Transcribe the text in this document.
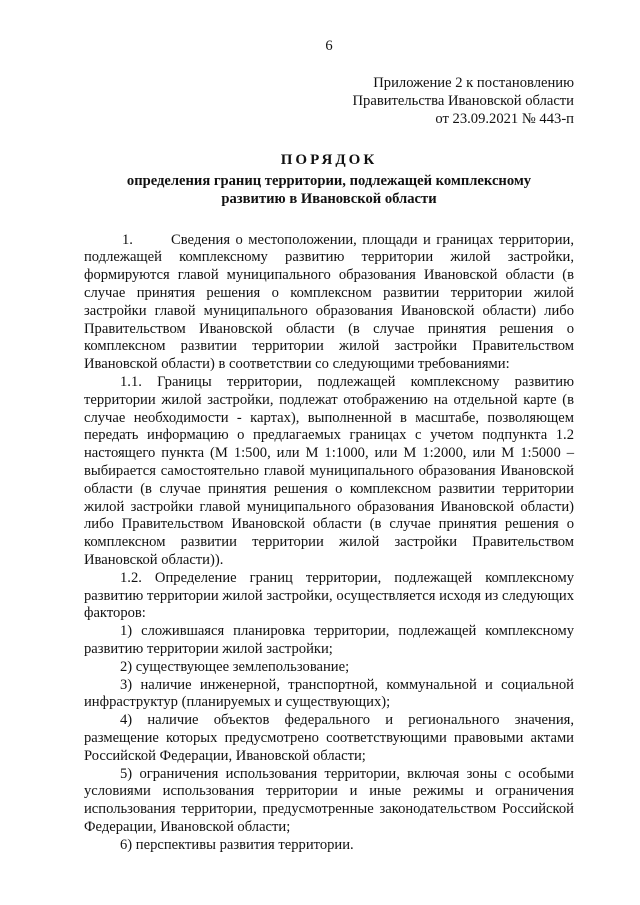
6
Приложение 2 к постановлению
Правительства Ивановской области
от 23.09.2021 № 443-п
ПОРЯДОК
определения границ территории, подлежащей комплексному
развитию в Ивановской области

1.       Сведения о местоположении, площади и границах территории, подлежащей комплексному развитию территории жилой застройки, формируются главой муниципального образования Ивановской области (в случае принятия решения о комплексном развитии территории жилой застройки главой муниципального образования Ивановской области) либо Правительством Ивановской области (в случае принятия решения о комплексном развитии территории жилой застройки Правительством Ивановской области) в соответствии со следующими требованиями:

1.1. Границы территории, подлежащей комплексному развитию территории жилой застройки, подлежат отображению на отдельной карте (в случае необходимости - картах), выполненной в масштабе, позволяющем передать информацию о предлагаемых границах с учетом подпункта 1.2 настоящего пункта (М 1:500, или М 1:1000, или М 1:2000, или М 1:5000 – выбирается самостоятельно главой муниципального образования Ивановской области (в случае принятия решения о комплексном развитии территории жилой застройки главой муниципального образования Ивановской области) либо Правительством Ивановской области (в случае принятия решения о комплексном развитии территории жилой застройки Правительством Ивановской области)).

1.2. Определение границ территории, подлежащей комплексному развитию территории жилой застройки, осуществляется исходя из следующих факторов:

1) сложившаяся планировка территории, подлежащей комплексному развитию территории жилой застройки;

2) существующее землепользование;

3) наличие инженерной, транспортной, коммунальной и социальной инфраструктур (планируемых и существующих);

4) наличие объектов федерального и регионального значения, размещение которых предусмотрено соответствующими правовыми актами Российской Федерации, Ивановской области;

5) ограничения использования территории, включая зоны с особыми условиями использования территории и иные режимы и ограничения использования территории, предусмотренные законодательством Российской Федерации, Ивановской области;

6) перспективы развития территории.
